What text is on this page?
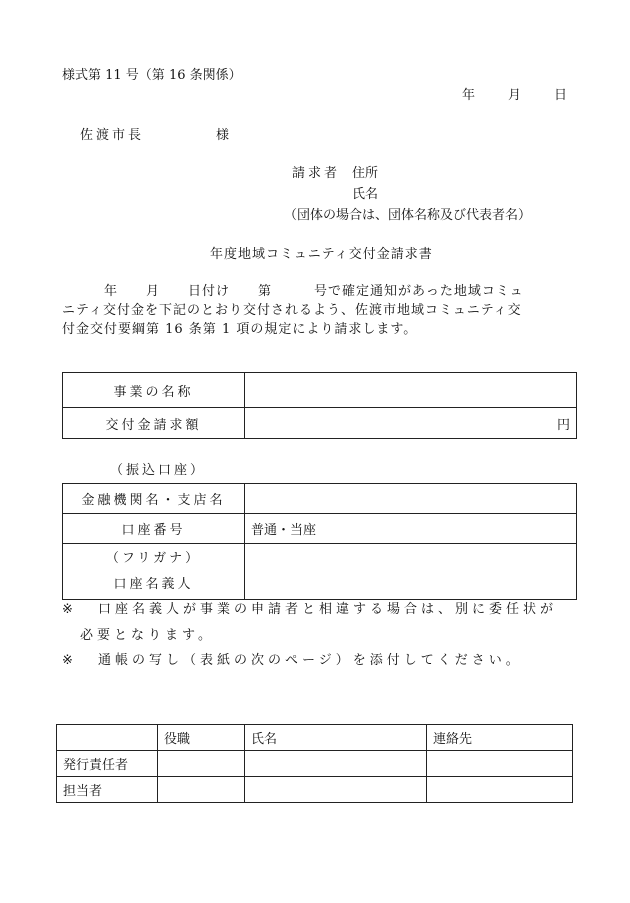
様式第 11 号（第 16 条関係）
年	月	日
佐渡市長	様
請求者 住所
氏名
（団体の場合は、団体名称及び代表者名）
年度地域コミュニティ交付金請求書

　　　年　　月　　日付け　　第　　　号で確定通知があった地域コミュ

ニティ交付金を下記のとおり交付されるよう、佐渡市地域コミュニティ交

付金交付要綱第 16 条第 1 項の規定により請求します。

事業の名称	
交付金請求額	円
（振込口座）
金融機関名・支店名	
口座番号	普通・当座

（フリガナ）
口座名義人	

※ 口座名義人が事業の申請者と相違する場合は、別に委任状が
必要となります。
※ 通帳の写し（表紙の次のページ）を添付してください。
	役職	氏名	連絡先
発行責任者			
担当者			
